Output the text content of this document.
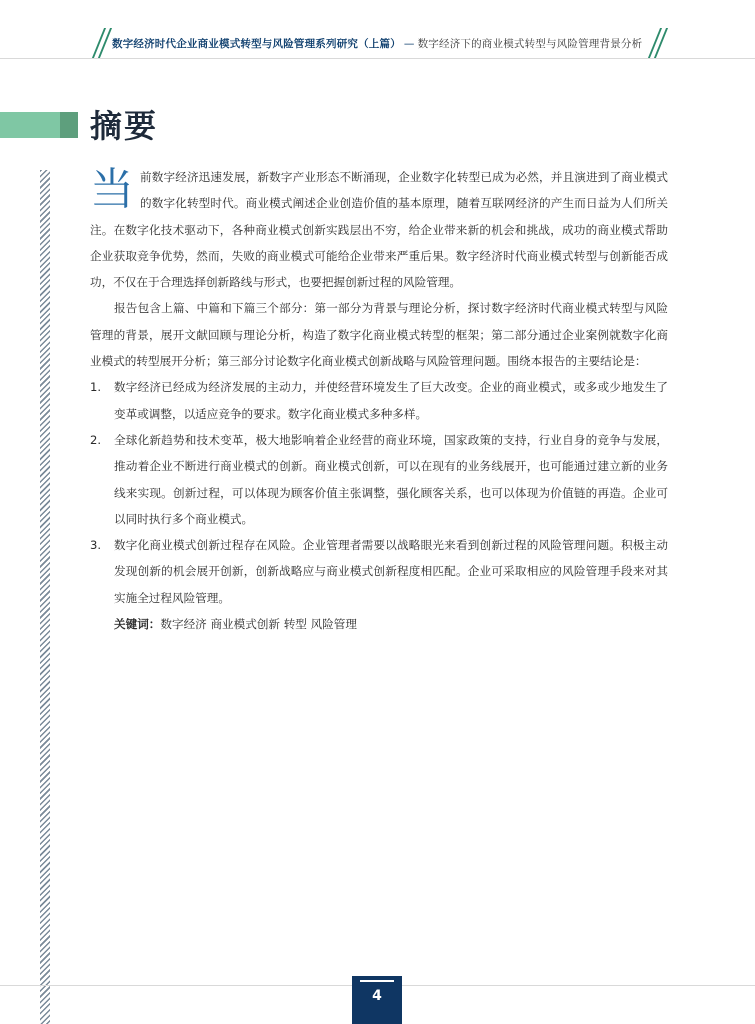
数字经济时代企业商业模式转型与风险管理系列研究（上篇） — 数字经济下的商业模式转型与风险管理背景分析
摘要

当前数字经济迅速发展，新数字产业形态不断涌现，企业数字化转型已成为必然，并且演进到了商业模式的数字化转型时代。商业模式阐述企业创造价值的基本原理，随着互联网经济的产生而日益为人们所关注。在数字化技术驱动下，各种商业模式创新实践层出不穷，给企业带来新的机会和挑战，成功的商业模式帮助企业获取竞争优势，然而，失败的商业模式可能给企业带来严重后果。数字经济时代商业模式转型与创新能否成功，不仅在于合理选择创新路线与形式，也要把握创新过程的风险管理。

报告包含上篇、中篇和下篇三个部分：第一部分为背景与理论分析，探讨数字经济时代商业模式转型与风险管理的背景，展开文献回顾与理论分析，构造了数字化商业模式转型的框架；第二部分通过企业案例就数字化商业模式的转型展开分析；第三部分讨论数字化商业模式创新战略与风险管理问题。围绕本报告的主要结论是：

1. 数字经济已经成为经济发展的主动力，并使经营环境发生了巨大改变。企业的商业模式，或多或少地发生了变革或调整，以适应竞争的要求。数字化商业模式多种多样。
2. 全球化新趋势和技术变革，极大地影响着企业经营的商业环境，国家政策的支持，行业自身的竞争与发展，推动着企业不断进行商业模式的创新。商业模式创新，可以在现有的业务线展开，也可能通过建立新的业务线来实现。创新过程，可以体现为顾客价值主张调整，强化顾客关系，也可以体现为价值链的再造。企业可以同时执行多个商业模式。
3. 数字化商业模式创新过程存在风险。企业管理者需要以战略眼光来看到创新过程的风险管理问题。积极主动发现创新的机会展开创新，创新战略应与商业模式创新程度相匹配。企业可采取相应的风险管理手段来对其实施全过程风险管理。

关键词：数字经济 商业模式创新 转型 风险管理

4
